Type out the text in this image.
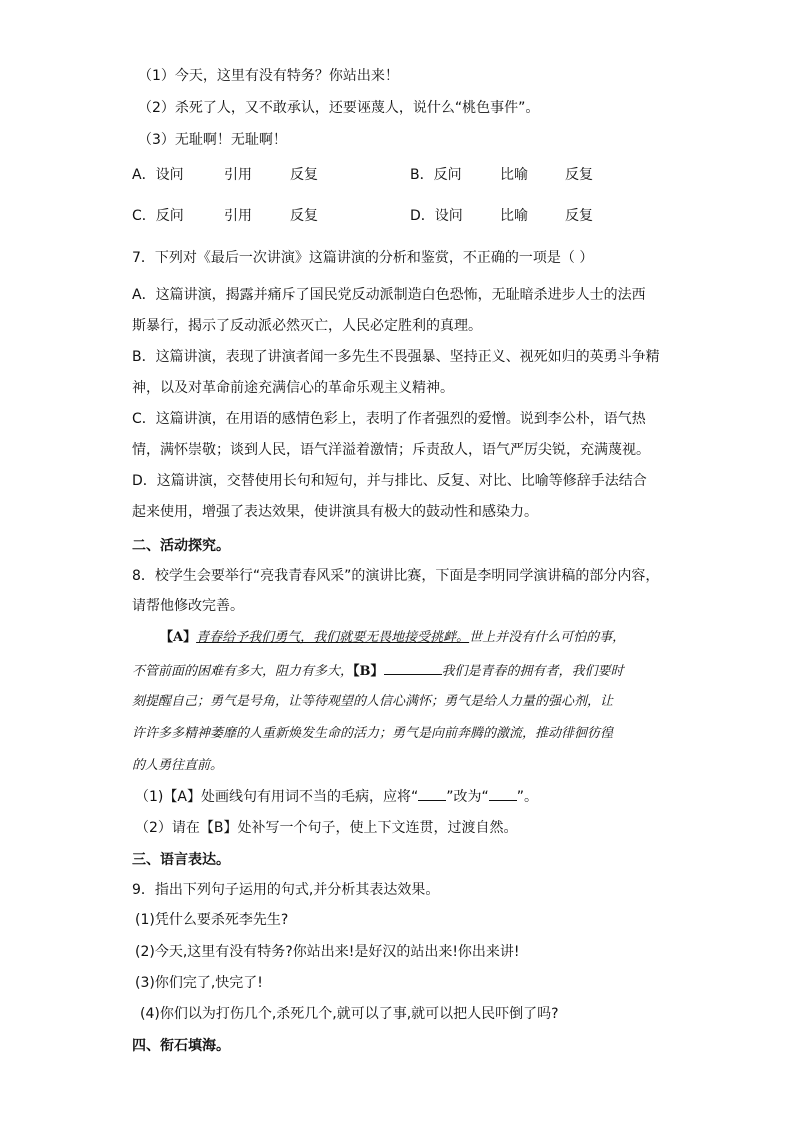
（1）今天，这里有没有特务？你站出来！
（2）杀死了人，又不敢承认，还要诬蔑人，说什么“桃色事件”。
（3）无耻啊！无耻啊！
A．设问	引用	反复	B．反问	比喻	反复
C．反问	引用	反复	D．设问	比喻	反复
7．下列对《最后一次讲演》这篇讲演的分析和鉴赏，不正确的一项是（ ）
A．这篇讲演，揭露并痛斥了国民党反动派制造白色恐怖，无耻暗杀进步人士的法西
斯暴行，揭示了反动派必然灭亡，人民必定胜利的真理。
B．这篇讲演，表现了讲演者闻一多先生不畏强暴、坚持正义、视死如归的英勇斗争精
神，以及对革命前途充满信心的革命乐观主义精神。
C．这篇讲演，在用语的感情色彩上，表明了作者强烈的爱憎。说到李公朴，语气热
情，满怀崇敬；谈到人民，语气洋溢着激情；斥责敌人，语气严厉尖锐，充满蔑视。
D．这篇讲演，交替使用长句和短句，并与排比、反复、对比、比喻等修辞手法结合
起来使用，增强了表达效果，使讲演具有极大的鼓动性和感染力。
二、活动探究。
8．校学生会要举行“亮我青春风采”的演讲比赛，下面是李明同学演讲稿的部分内容，
请帮他修改完善。
【A】青春给予我们勇气，我们就要无畏地接受挑衅。世上并没有什么可怕的事，
不管前面的困难有多大，阻力有多大，【B】	我们是青春的拥有者，我们要时
刻提醒自己；勇气是号角，让等待观望的人信心满怀；勇气是给人力量的强心剂，让
许许多多精神萎靡的人重新焕发生命的活力；勇气是向前奔腾的激流，推动徘徊彷徨
的人勇往直前。
（1)【A】处画线句有用词不当的毛病，应将“ ”改为“ ”。
（2）请在【B】处补写一个句子，使上下文连贯，过渡自然。
三、语言表达。
9．指出下列句子运用的句式,并分析其表达效果。
(1)凭什么要杀死李先生?
(2)今天,这里有没有特务?你站出来!是好汉的站出来!你出来讲!
(3)你们完了,快完了!
(4)你们以为打伤几个,杀死几个,就可以了事,就可以把人民吓倒了吗?
四、衔石填海。
